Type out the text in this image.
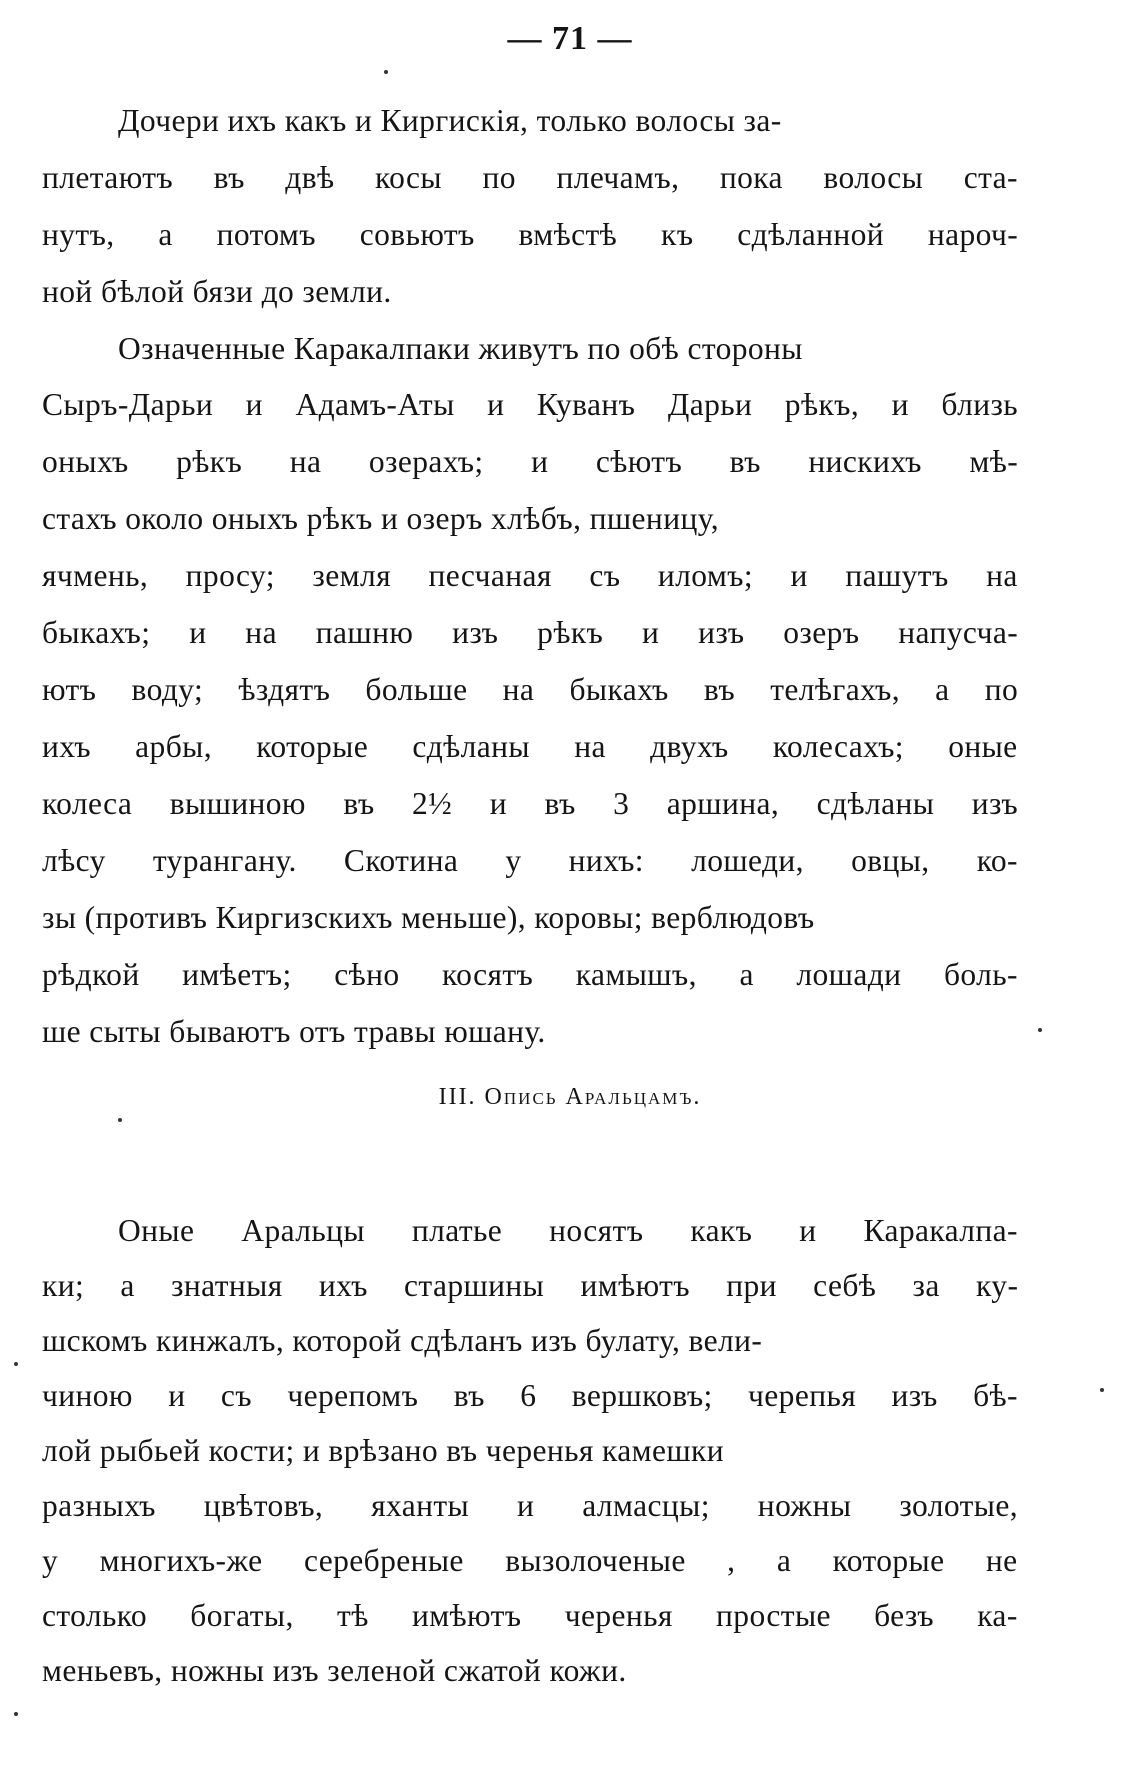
— 71 —
Дочери ихъ какъ и Киргискія, только волосы за-
плетаютъ въ двѣ косы по плечамъ, пока волосы ста-
нутъ, а потомъ совьютъ вмѣстѣ къ сдѣланной нароч-
ной бѣлой бязи до земли.
Означенные Каракалпаки живутъ по обѣ стороны
Сыръ-Дарьи и Адамъ-Аты и Куванъ Дарьи рѣкъ, и близь
оныхъ рѣкъ на озерахъ; и сѣютъ въ нискихъ мѣ-
стахъ около оныхъ рѣкъ и озеръ хлѣбъ, пшеницу,
ячмень, просу; земля песчаная съ иломъ; и пашутъ на
быкахъ; и на пашню изъ рѣкъ и изъ озеръ напусча-
ютъ воду; ѣздятъ больше на быкахъ въ телѣгахъ, а по
ихъ арбы, которые сдѣланы на двухъ колесахъ; оные
колеса вышиною въ 2½ и въ 3 аршина, сдѣланы изъ
лѣсу турангану. Скотина у нихъ: лошеди, овцы, ко-
зы (противъ Киргизскихъ меньше), коровы; верблюдовъ
рѣдкой имѣетъ; сѣно косятъ камышъ, а лошади боль-
ше сыты бываютъ отъ травы юшану.
III. Опись Аральцамъ.
Оные Аральцы платье носятъ какъ и Каракалпа-
ки; а знатныя ихъ старшины имѣютъ при себѣ за ку-
шскомъ кинжалъ, которой сдѣланъ изъ булату, вели-
чиною и съ черепомъ въ 6 вершковъ; черепья изъ бѣ-
лой рыбьей кости; и врѣзано въ черенья камешки
разныхъ цвѣтовъ, яханты и алмасцы; ножны золотые,
у многихъ-же серебреные вызолоченые , а которые не
столько богаты, тѣ имѣютъ черенья простые безъ ка-
меньевъ, ножны изъ зеленой сжатой кожи.
